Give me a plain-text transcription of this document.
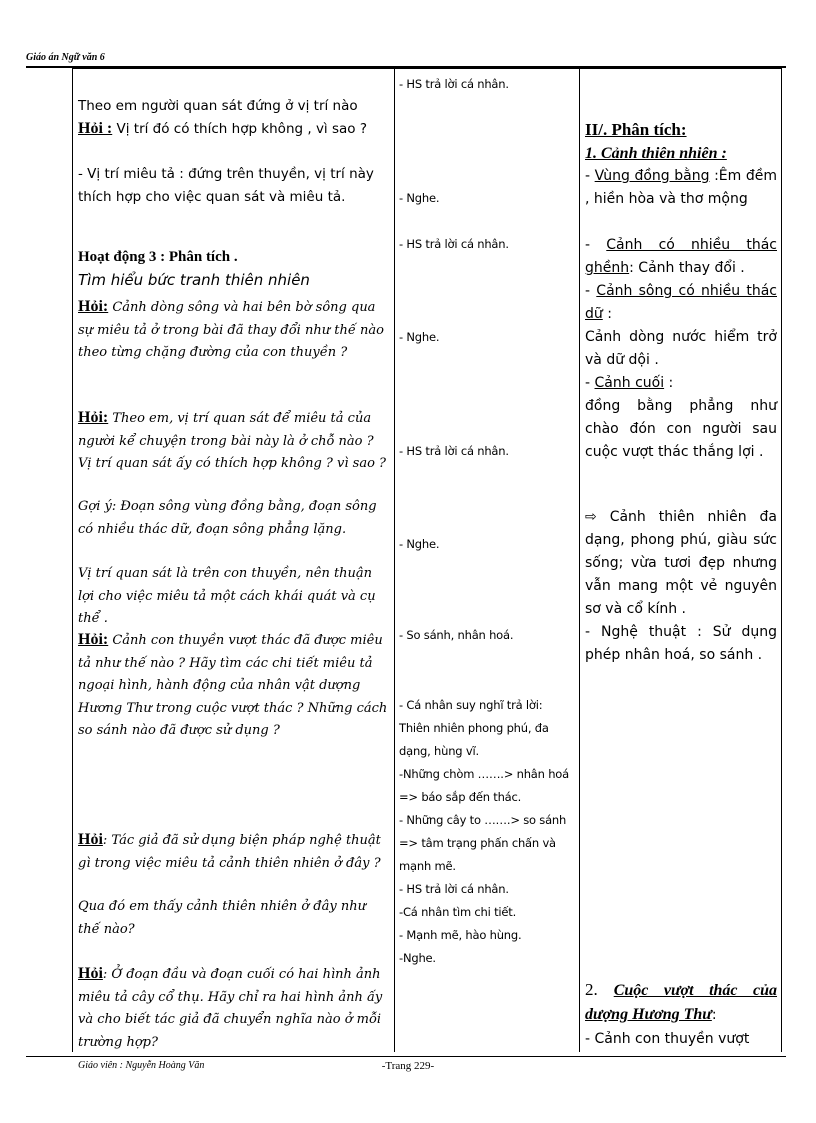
Giáo án Ngữ văn 6

Theo em người quan sát đứng ở vị trí nào

Hỏi : Vị trí đó có thích hợp không , vì sao ?

- Vị trí miêu tả : đứng trên thuyền, vị trí này thích hợp cho việc quan sát và miêu tả.

Hoạt động 3 : Phân tích .

Tìm hiểu bức tranh thiên nhiên

Hỏi: Cảnh dòng sông và hai bên bờ sông qua sự miêu tả ở trong bài đã thay đổi như thế nào theo từng chặng đường của con thuyền ?

Hỏi: Theo em, vị trí quan sát để miêu tả của người kể chuyện trong bài này là ở chỗ nào ? Vị trí quan sát ấy có thích hợp không ? vì sao ?

Gợi ý: Đoạn sông vùng đồng bằng, đoạn sông có nhiều thác dữ, đoạn sông phẳng lặng.

Vị trí quan sát là trên con thuyền, nên thuận lợi cho việc miêu tả một cách khái quát và cụ thể .

Hỏi: Cảnh con thuyền vượt thác đã được miêu tả như thế nào ? Hãy tìm các chi tiết miêu tả ngoại hình, hành động của nhân vật dượng Hương Thư trong cuộc vượt thác ? Những cách so sánh nào đã được sử dụng ?

Hỏi: Tác giả đã sử dụng biện pháp nghệ thuật gì trong việc miêu tả cảnh thiên nhiên ở đây ?

Qua đó em thấy cảnh thiên nhiên ở đây như thế nào?

Hỏi: Ở đoạn đầu và đoạn cuối có hai hình ảnh miêu tả cây cổ thụ. Hãy chỉ ra hai hình ảnh ấy và cho biết tác giả đã chuyển nghĩa nào ở mỗi trường hợp?

- HS trả lời cá nhân.

- Nghe.

- HS trả lời cá nhân.

- Nghe.

- HS trả lời cá nhân.

- Nghe.

- So sánh, nhân hoá.

- Cá nhân suy nghĩ trả lời: Thiên nhiên phong phú, đa dạng, hùng vĩ.

-Những chòm …….> nhân hoá => báo sắp đến thác.

- Những cây to …….> so sánh => tâm trạng phấn chấn và mạnh mẽ.

- HS trả lời cá nhân.

-Cá nhân tìm chi tiết.

- Mạnh mẽ, hào hùng.

-Nghe.

II/. Phân tích:

1. Cảnh thiên nhiên :

- Vùng đồng bằng :Êm đềm , hiền hòa và thơ mộng

- Cảnh có nhiều thác ghềnh: Cảnh thay đổi .

- Cảnh sông có nhiều thác dữ :

Cảnh dòng nước hiểm trở và dữ dội .

- Cảnh cuối :

đồng bằng phẳng như chào đón con người sau cuộc vượt thác thắng lợi .

⇨ Cảnh thiên nhiên đa dạng, phong phú, giàu sức sống; vừa tươi đẹp nhưng vẫn mang một vẻ nguyên sơ và cổ kính .

- Nghệ thuật : Sử dụng phép nhân hoá, so sánh .

2. Cuộc vượt thác của dượng Hương Thư:

- Cảnh con thuyền vượt

Giáo viên : Nguyễn Hoàng Văn	-Trang 229-
